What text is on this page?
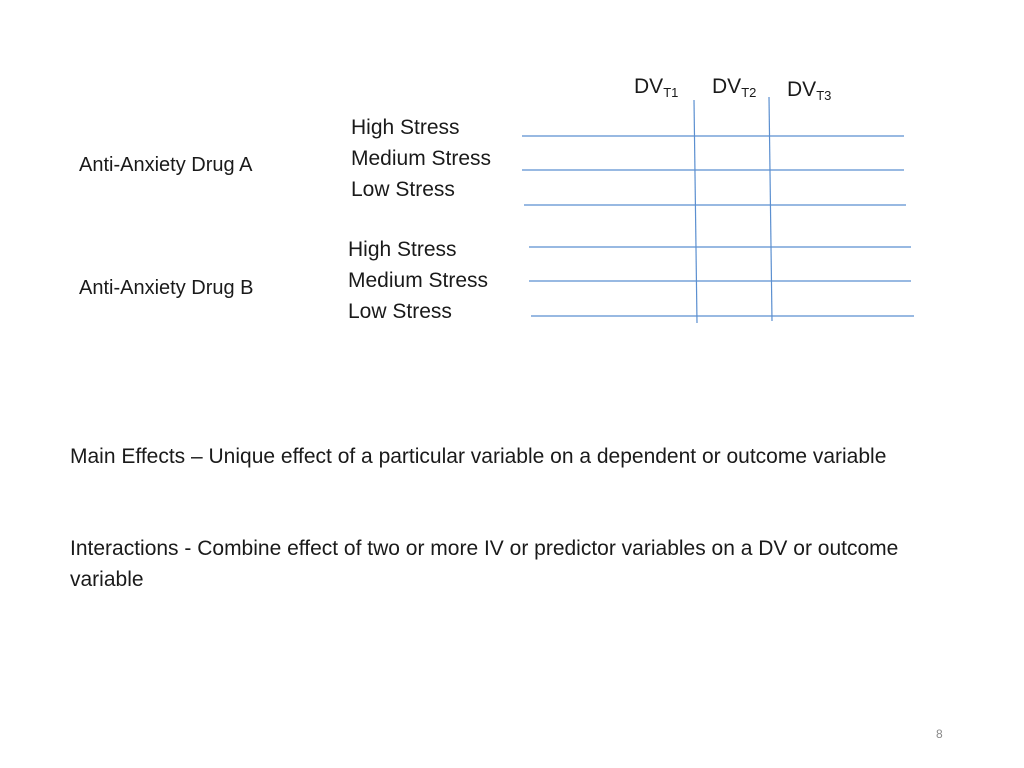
$DV_{T1}$ $DV_{T2}$ $DV_{T3}$
Anti-Anxiety Drug A
High Stress
Medium Stress
Low Stress
Anti-Anxiety Drug B
High Stress
Medium Stress
Low Stress
Main Effects – Unique effect of a particular variable on a dependent or outcome variable
Interactions - Combine effect of two or more IV or predictor variables on a DV or outcome variable
8
